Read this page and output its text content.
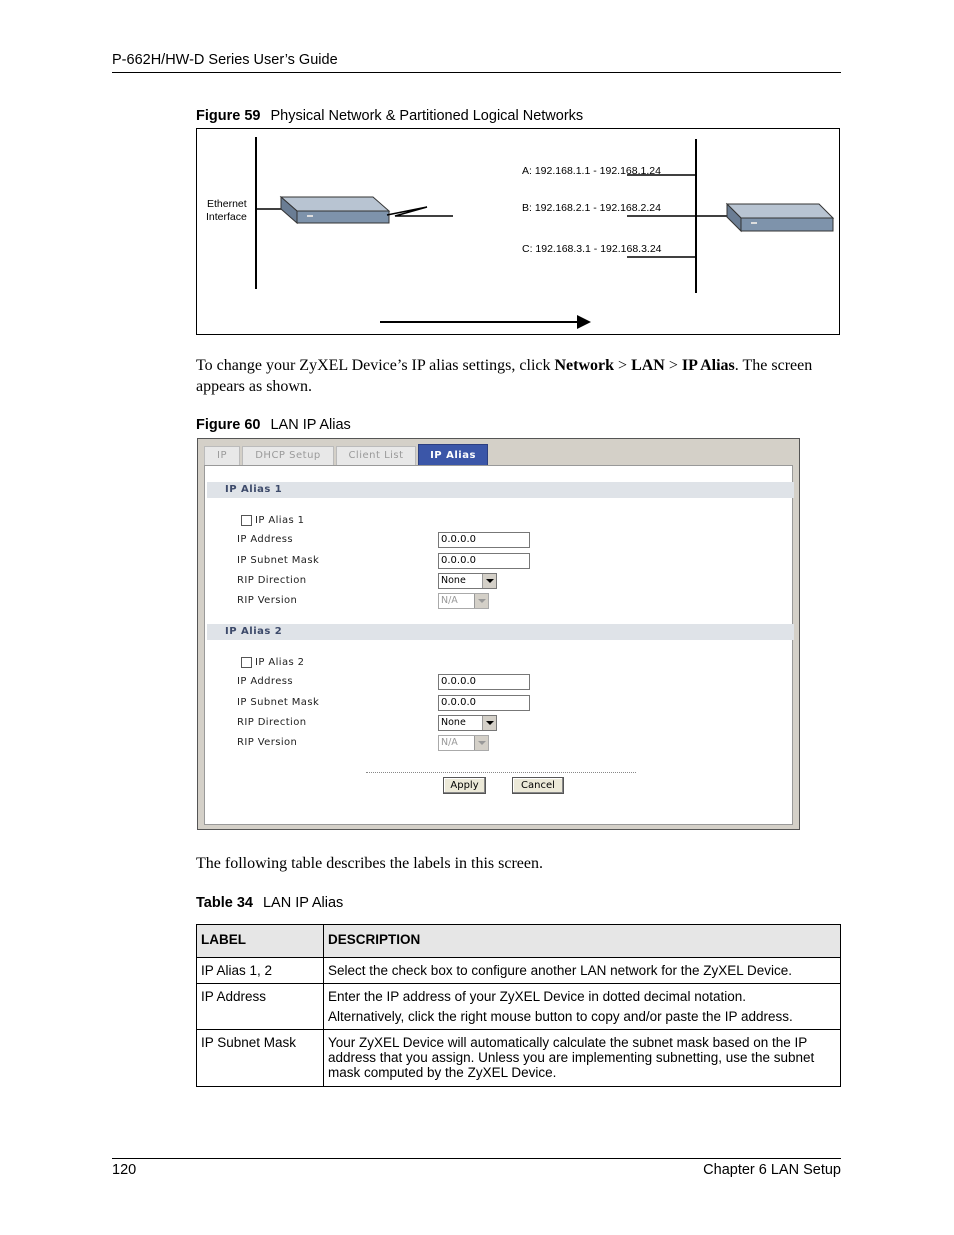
P-662H/HW-D Series User’s Guide
Figure 59 Physical Network & Partitioned Logical Networks
Ethernet
Interface
A: 192.168.1.1 - 192.168.1.24
B: 192.168.2.1 - 192.168.2.24
C: 192.168.3.1 - 192.168.3.24
To change your ZyXEL Device’s IP alias settings, click Network > LAN > IP Alias. The screen appears as shown.
Figure 60 LAN IP Alias
IP	DHCP Setup	Client List	IP Alias
IP Alias 1
IP Alias 1
IP Address	0.0.0.0
IP Subnet Mask	0.0.0.0
RIP Direction	None
RIP Version	N/A
IP Alias 2
IP Alias 2
IP Address	0.0.0.0
IP Subnet Mask	0.0.0.0
RIP Direction	None
RIP Version	N/A
Apply	Cancel
The following table describes the labels in this screen.
Table 34 LAN IP Alias
LABEL	DESCRIPTION
IP Alias 1, 2	Select the check box to configure another LAN network for the ZyXEL Device.
IP Address	Enter the IP address of your ZyXEL Device in dotted decimal notation.
Alternatively, click the right mouse button to copy and/or paste the IP address.

IP Subnet Mask	Your ZyXEL Device will automatically calculate the subnet mask based on the IP address that you assign. Unless you are implementing subnetting, use the subnet mask computed by the ZyXEL Device.
120	Chapter 6 LAN Setup
